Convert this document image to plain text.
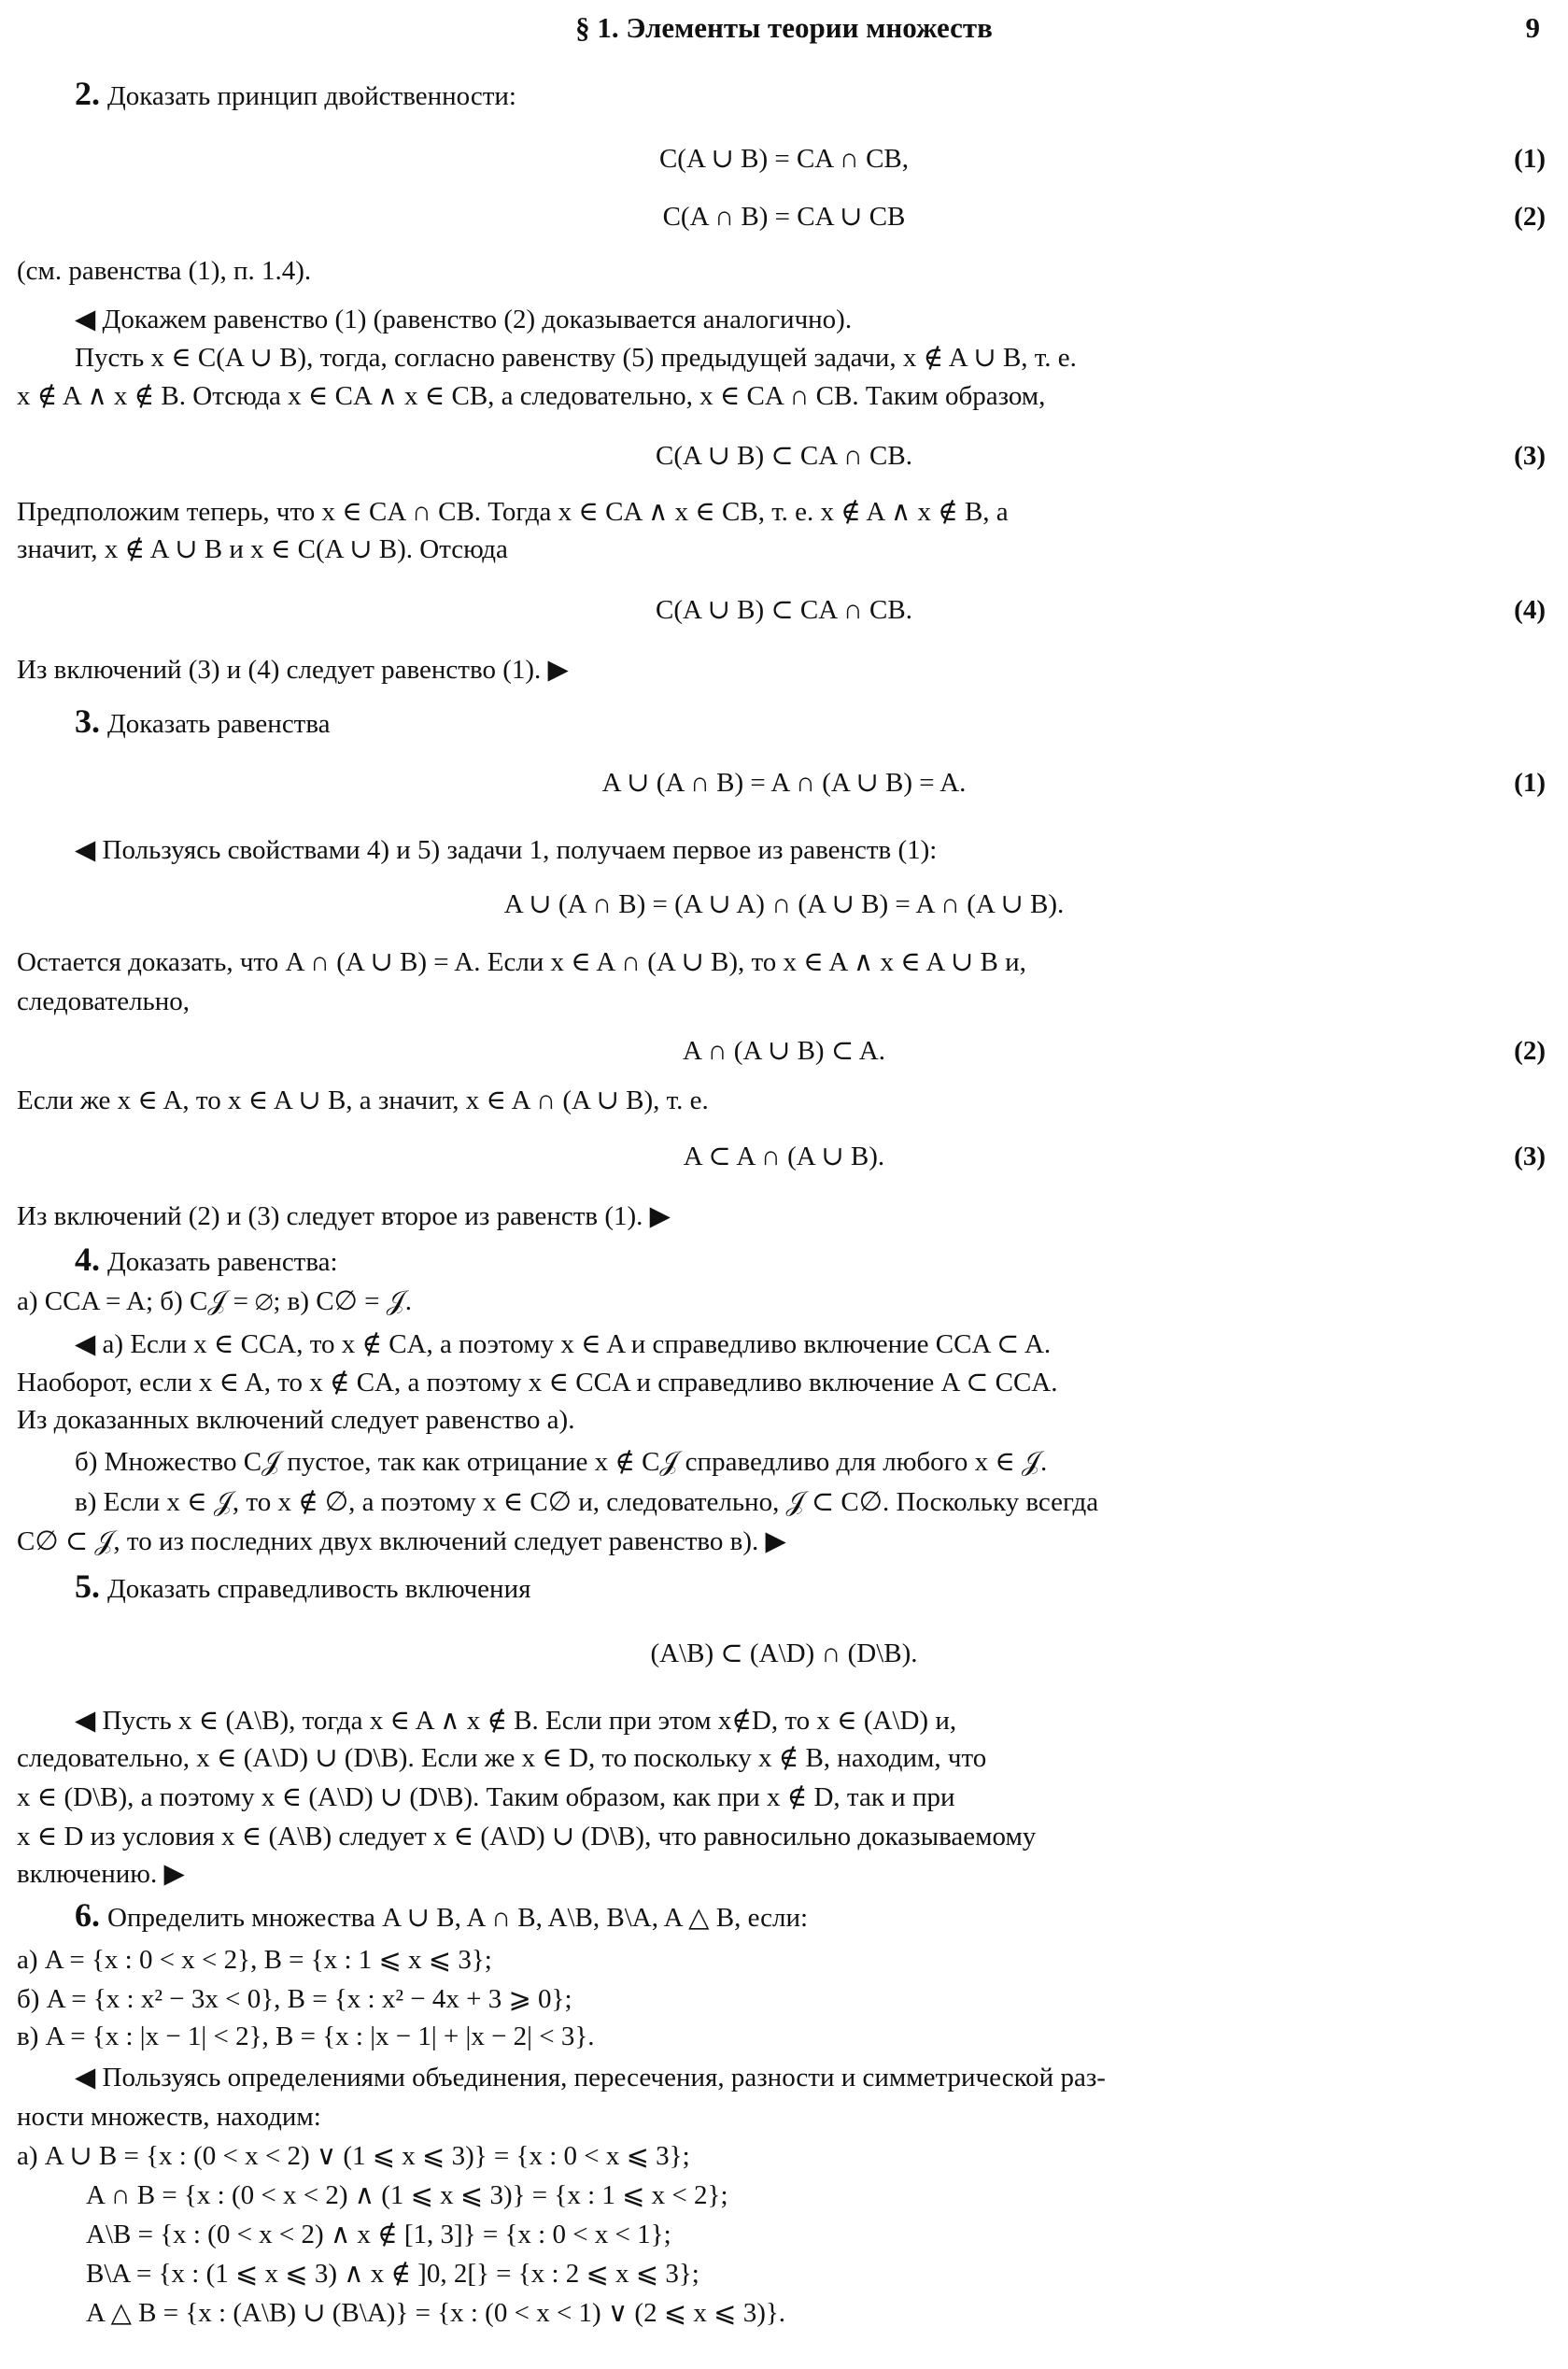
§ 1. Элементы теории множеств	9
2. Доказать принцип двойственности:
C(A ∪ B) = CA ∩ CB,	(1)
C(A ∩ B) = CA ∪ CB	(2)
(см. равенства (1), п. 1.4).
◀ Докажем равенство (1) (равенство (2) доказывается аналогично).
Пусть x ∈ C(A ∪ B), тогда, согласно равенству (5) предыдущей задачи, x ∉ A ∪ B, т. е.
x ∉ A ∧ x ∉ B. Отсюда x ∈ CA ∧ x ∈ CB, а следовательно, x ∈ CA ∩ CB. Таким образом,
C(A ∪ B) ⊂ CA ∩ CB.	(3)
Предположим теперь, что x ∈ CA ∩ CB. Тогда x ∈ CA ∧ x ∈ CB, т. е. x ∉ A ∧ x ∉ B, а
значит, x ∉ A ∪ B и x ∈ C(A ∪ B). Отсюда
C(A ∪ B) ⊂ CA ∩ CB.	(4)
Из включений (3) и (4) следует равенство (1). ▶
3. Доказать равенства
A ∪ (A ∩ B) = A ∩ (A ∪ B) = A.	(1)
◀ Пользуясь свойствами 4) и 5) задачи 1, получаем первое из равенств (1):
A ∪ (A ∩ B) = (A ∪ A) ∩ (A ∪ B) = A ∩ (A ∪ B).
Остается доказать, что A ∩ (A ∪ B) = A. Если x ∈ A ∩ (A ∪ B), то x ∈ A ∧ x ∈ A ∪ B и,
следовательно,
A ∩ (A ∪ B) ⊂ A.	(2)
Если же x ∈ A, то x ∈ A ∪ B, а значит, x ∈ A ∩ (A ∪ B), т. е.
A ⊂ A ∩ (A ∪ B).	(3)
Из включений (2) и (3) следует второе из равенств (1). ▶
4. Доказать равенства:
а) CCA = A; б) C𝒥 = ∅; в) C∅ = 𝒥.
◀ а) Если x ∈ CCA, то x ∉ CA, а поэтому x ∈ A и справедливо включение CCA ⊂ A.
Наоборот, если x ∈ A, то x ∉ CA, а поэтому x ∈ CCA и справедливо включение A ⊂ CCA.
Из доказанных включений следует равенство а).
б) Множество C𝒥 пустое, так как отрицание x ∉ C𝒥 справедливо для любого x ∈ 𝒥.
в) Если x ∈ 𝒥, то x ∉ ∅, а поэтому x ∈ C∅ и, следовательно, 𝒥 ⊂ C∅. Поскольку всегда
C∅ ⊂ 𝒥, то из последних двух включений следует равенство в). ▶
5. Доказать справедливость включения
(A\B) ⊂ (A\D) ∩ (D\B).
◀ Пусть x ∈ (A\B), тогда x ∈ A ∧ x ∉ B. Если при этом x∉D, то x ∈ (A\D) и,
следовательно, x ∈ (A\D) ∪ (D\B). Если же x ∈ D, то поскольку x ∉ B, находим, что
x ∈ (D\B), а поэтому x ∈ (A\D) ∪ (D\B). Таким образом, как при x ∉ D, так и при
x ∈ D из условия x ∈ (A\B) следует x ∈ (A\D) ∪ (D\B), что равносильно доказываемому
включению. ▶
6. Определить множества A ∪ B, A ∩ B, A\B, B\A, A △ B, если:
а) A = {x : 0 < x < 2}, B = {x : 1 ⩽ x ⩽ 3};
б) A = {x : x² − 3x < 0}, B = {x : x² − 4x + 3 ⩾ 0};
в) A = {x : |x − 1| < 2}, B = {x : |x − 1| + |x − 2| < 3}.
◀ Пользуясь определениями объединения, пересечения, разности и симметрической раз-
ности множеств, находим:
а) A ∪ B = {x : (0 < x < 2) ∨ (1 ⩽ x ⩽ 3)} = {x : 0 < x ⩽ 3};
A ∩ B = {x : (0 < x < 2) ∧ (1 ⩽ x ⩽ 3)} = {x : 1 ⩽ x < 2};
A\B = {x : (0 < x < 2) ∧ x ∉ [1, 3]} = {x : 0 < x < 1};
B\A = {x : (1 ⩽ x ⩽ 3) ∧ x ∉ ]0, 2[} = {x : 2 ⩽ x ⩽ 3};
A △ B = {x : (A\B) ∪ (B\A)} = {x : (0 < x < 1) ∨ (2 ⩽ x ⩽ 3)}.
